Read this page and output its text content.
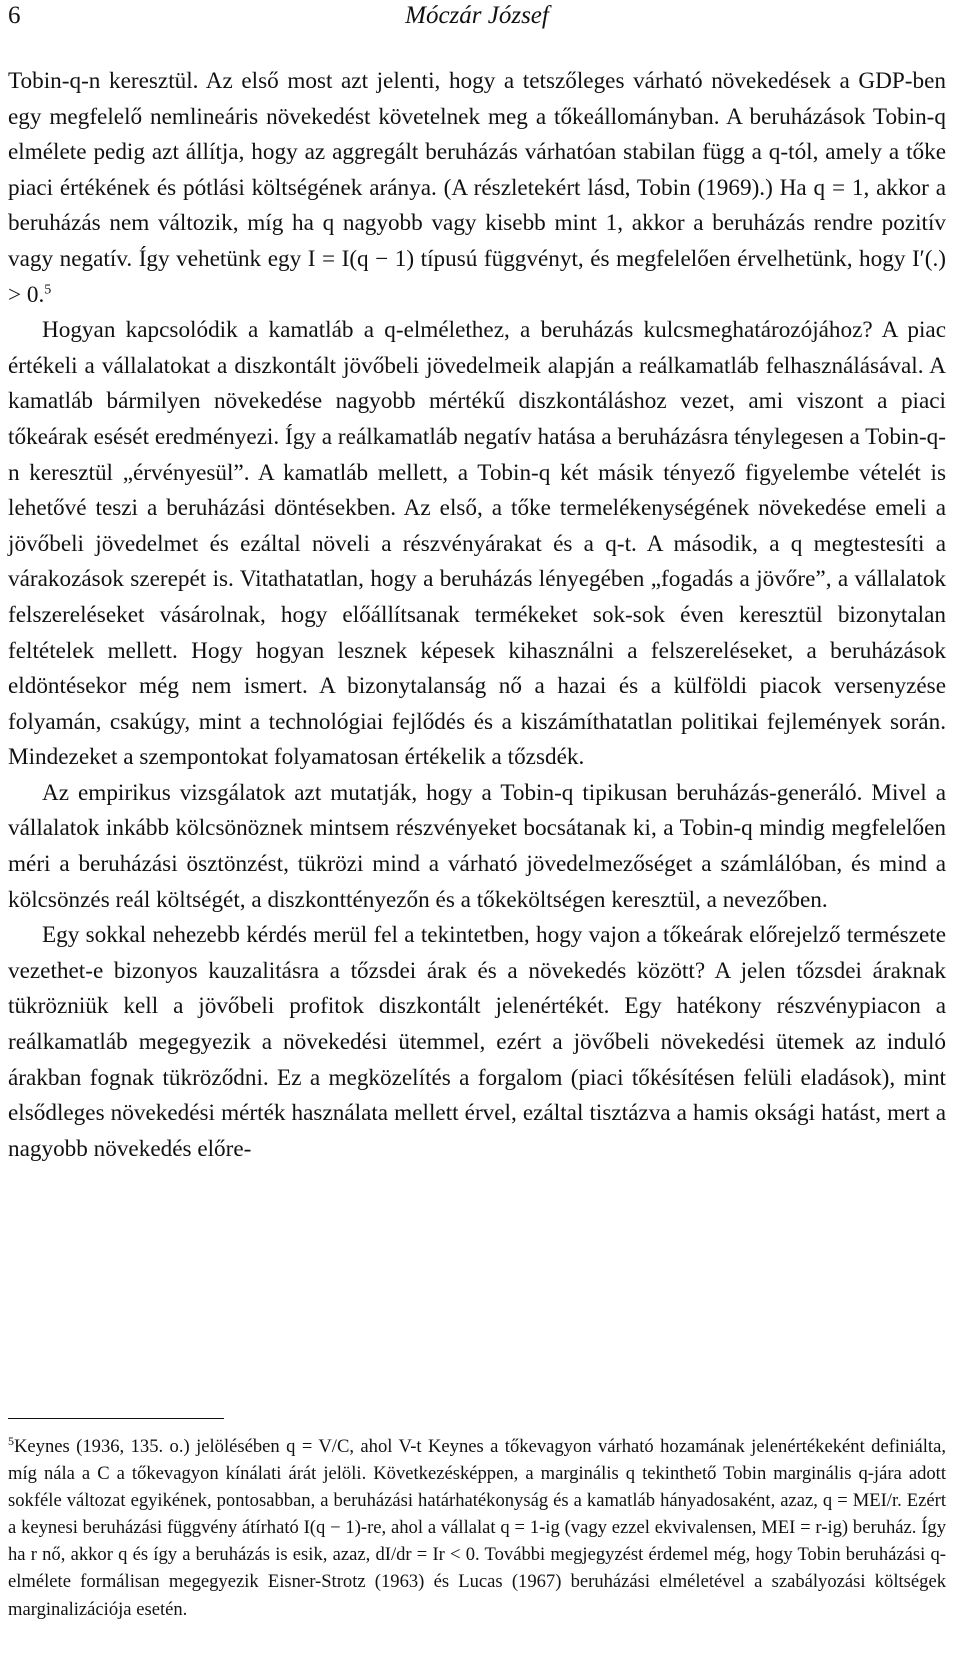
6	Móczár József

Tobin-q-n keresztül. Az első most azt jelenti, hogy a tetszőleges várható növekedések a GDP-ben egy megfelelő nemlineáris növekedést követelnek meg a tőkeállományban. A beruházások Tobin-q elmélete pedig azt állítja, hogy az aggregált beruházás várhatóan stabilan függ a q-tól, amely a tőke piaci értékének és pótlási költségének aránya. (A részletekért lásd, Tobin (1969).) Ha q = 1, akkor a beruházás nem változik, míg ha q nagyobb vagy kisebb mint 1, akkor a beruházás rendre pozitív vagy negatív. Így vehetünk egy I = I(q − 1) típusú függvényt, és megfelelően érvelhetünk, hogy I′(.) > 0.$^5$

Hogyan kapcsolódik a kamatláb a q-elmélethez, a beruházás kulcsmeghatározójához? A piac értékeli a vállalatokat a diszkontált jövőbeli jövedelmeik alapján a reálkamatláb felhasználásával. A kamatláb bármilyen növekedése nagyobb mértékű diszkontáláshoz vezet, ami viszont a piaci tőkeárak esését eredményezi. Így a reálkamatláb negatív hatása a beruházásra ténylegesen a Tobin-q-n keresztül „érvényesül”. A kamatláb mellett, a Tobin-q két másik tényező figyelembe vételét is lehetővé teszi a beruházási döntésekben. Az első, a tőke termelékenységének növekedése emeli a jövőbeli jövedelmet és ezáltal növeli a részvényárakat és a q-t. A második, a q megtestesíti a várakozások szerepét is. Vitathatatlan, hogy a beruházás lényegében „fogadás a jövőre”, a vállalatok felszereléseket vásárolnak, hogy előállítsanak termékeket sok-sok éven keresztül bizonytalan feltételek mellett. Hogy hogyan lesznek képesek kihasználni a felszereléseket, a beruházások eldöntésekor még nem ismert. A bizonytalanság nő a hazai és a külföldi piacok versenyzése folyamán, csakúgy, mint a technológiai fejlődés és a kiszámíthatatlan politikai fejlemények során. Mindezeket a szempontokat folyamatosan értékelik a tőzsdék.

Az empirikus vizsgálatok azt mutatják, hogy a Tobin-q tipikusan beruházás-generáló. Mivel a vállalatok inkább kölcsönöznek mintsem részvényeket bocsátanak ki, a Tobin-q mindig megfelelően méri a beruházási ösztönzést, tükrözi mind a várható jövedelmezőséget a számlálóban, és mind a kölcsönzés reál költségét, a diszkonttényezőn és a tőkeköltségen keresztül, a nevezőben.

Egy sokkal nehezebb kérdés merül fel a tekintetben, hogy vajon a tőkeárak előrejelző természete vezethet-e bizonyos kauzalitásra a tőzsdei árak és a növekedés között? A jelen tőzsdei áraknak tükrözniük kell a jövőbeli profitok diszkontált jelenértékét. Egy hatékony részvénypiacon a reálkamatláb megegyezik a növekedési ütemmel, ezért a jövőbeli növekedési ütemek az induló árakban fognak tükröződni. Ez a megközelítés a forgalom (piaci tőkésítésen felüli eladások), mint elsődleges növekedési mérték használata mellett érvel, ezáltal tisztázva a hamis oksági hatást, mert a nagyobb növekedés előre-

$^5$Keynes (1936, 135. o.) jelölésében q = V/C, ahol V-t Keynes a tőkevagyon várható hozamának jelenértékeként definiálta, míg nála a C a tőkevagyon kínálati árát jelöli. Következésképpen, a marginális q tekinthető Tobin marginális q-jára adott sokféle változat egyikének, pontosabban, a beruházási határhatékonyság és a kamatláb hányadosaként, azaz, q = MEI/r. Ezért a keynesi beruházási függvény átírható I(q − 1)-re, ahol a vállalat q = 1-ig (vagy ezzel ekvivalensen, MEI = r-ig) beruház. Így ha r nő, akkor q és így a beruházás is esik, azaz, dI/dr = Ir < 0. További megjegyzést érdemel még, hogy Tobin beruházási q-elmélete formálisan megegyezik Eisner-Strotz (1963) és Lucas (1967) beruházási elméletével a szabályozási költségek marginalizációja esetén.
